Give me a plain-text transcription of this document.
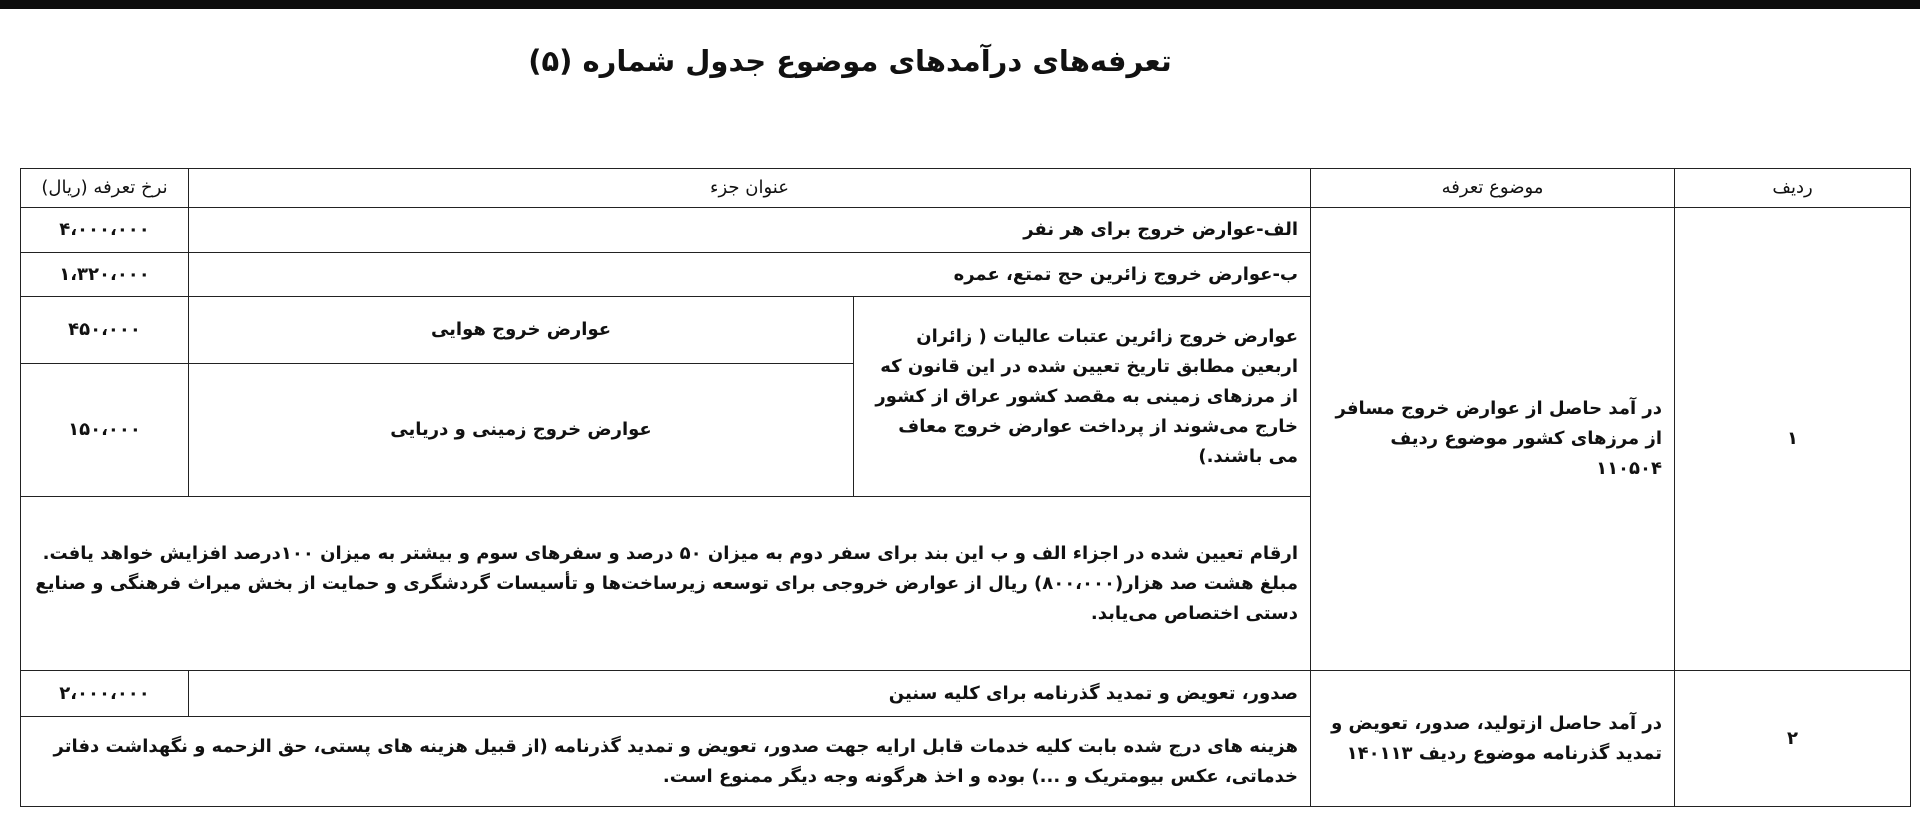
تعرفه‌های درآمدهای موضوع جدول شماره (۵)
ردیف	موضوع تعرفه	عنوان جزء		نرخ تعرفه (ریال)
۱	در آمد حاصل از عوارض خروج مسافر از مرزهای کشور موضوع ردیف ۱۱۰۵۰۴	الف-عوارض خروج برای هر نفر		۴،۰۰۰،۰۰۰
		ب-عوارض خروج زائرین حج تمتع، عمره		۱،۳۲۰،۰۰۰
		عوارض خروج زائرین عتبات عالیات ( زائران اربعین مطابق تاریخ تعیین شده در این قانون که از مرزهای زمینی به مقصد کشور عراق از کشور خارج می‌شوند از پرداخت عوارض خروج معاف می باشند.)	عوارض خروج هوایی	۴۵۰،۰۰۰
			عوارض خروج زمینی و دریایی	۱۵۰،۰۰۰

		ارقام تعیین شده در اجزاء الف و ب این بند برای سفر دوم به میزان ۵۰ درصد و سفرهای سوم و بیشتر به میزان ۱۰۰درصد افزایش خواهد یافت.
مبلغ هشت صد هزار(۸۰۰،۰۰۰) ریال از عوارض خروجی برای توسعه زیرساخت‌ها و تأسیسات گردشگری و حمایت از بخش میراث فرهنگی و صنایع دستی اختصاص می‌یابد.		

۲	در آمد حاصل ازتولید، صدور، تعویض و تمدید گذرنامه موضوع ردیف ۱۴۰۱۱۳	صدور، تعویض و تمدید گذرنامه برای کلیه سنین		۲،۰۰۰،۰۰۰
		هزینه های درج شده بابت کلیه خدمات قابل ارایه جهت صدور، تعویض و تمدید گذرنامه (از قبیل هزینه های پستی، حق الزحمه و نگهداشت دفاتر خدماتی، عکس بیومتریک و ...) بوده و اخذ هرگونه وجه دیگر ممنوع است.		
